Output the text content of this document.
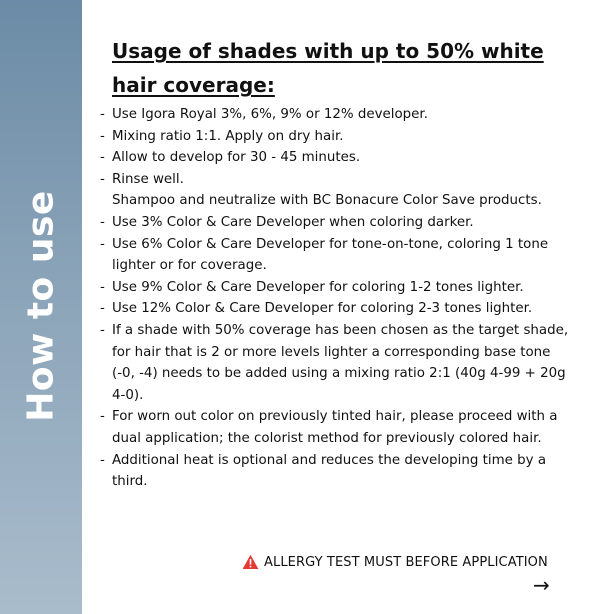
How to use
Usage of shades with up to 50% white
hair coverage:
- Use Igora Royal 3%, 6%, 9% or 12% developer.
- Mixing ratio 1:1. Apply on dry hair.
- Allow to develop for 30 - 45 minutes.
- Rinse well.
Shampoo and neutralize with BC Bonacure Color Save products.
- Use 3% Color & Care Developer when coloring darker.
- Use 6% Color & Care Developer for tone-on-tone, coloring 1 tone lighter or for coverage.
- Use 9% Color & Care Developer for coloring 1-2 tones lighter.
- Use 12% Color & Care Developer for coloring 2-3 tones lighter.
- If a shade with 50% coverage has been chosen as the target shade, for hair that is 2 or more levels lighter a corresponding base tone (-0, -4) needs to be added using a mixing ratio 2:1 (40g 4-99 + 20g 4-0).
- For worn out color on previously tinted hair, please proceed with a dual application; the colorist method for previously colored hair.
- Additional heat is optional and reduces the developing time by a third.
ALLERGY TEST MUST BEFORE APPLICATION
→
